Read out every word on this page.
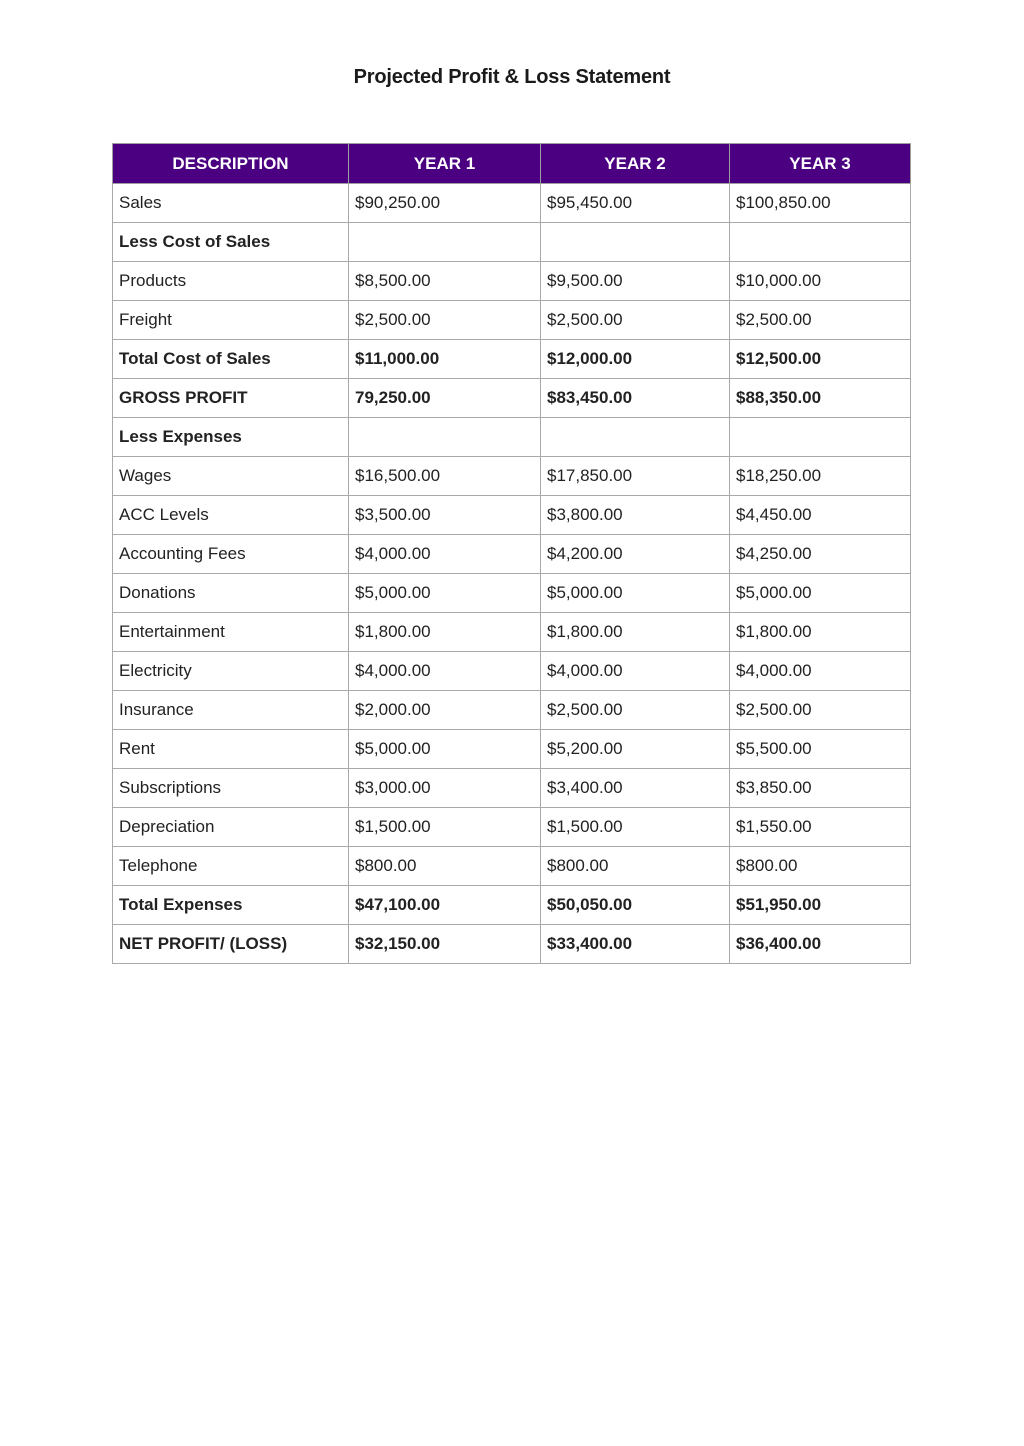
Projected Profit & Loss Statement
DESCRIPTION	YEAR 1	YEAR 2	YEAR 3
Sales	$90,250.00	$95,450.00	$100,850.00
Less Cost of Sales			
Products	$8,500.00	$9,500.00	$10,000.00
Freight	$2,500.00	$2,500.00	$2,500.00
Total Cost of Sales	$11,000.00	$12,000.00	$12,500.00
GROSS PROFIT	79,250.00	$83,450.00	$88,350.00
Less Expenses			
Wages	$16,500.00	$17,850.00	$18,250.00
ACC Levels	$3,500.00	$3,800.00	$4,450.00
Accounting Fees	$4,000.00	$4,200.00	$4,250.00
Donations	$5,000.00	$5,000.00	$5,000.00
Entertainment	$1,800.00	$1,800.00	$1,800.00
Electricity	$4,000.00	$4,000.00	$4,000.00
Insurance	$2,000.00	$2,500.00	$2,500.00
Rent	$5,000.00	$5,200.00	$5,500.00
Subscriptions	$3,000.00	$3,400.00	$3,850.00
Depreciation	$1,500.00	$1,500.00	$1,550.00
Telephone	$800.00	$800.00	$800.00
Total Expenses	$47,100.00	$50,050.00	$51,950.00
NET PROFIT/ (LOSS)	$32,150.00	$33,400.00	$36,400.00
